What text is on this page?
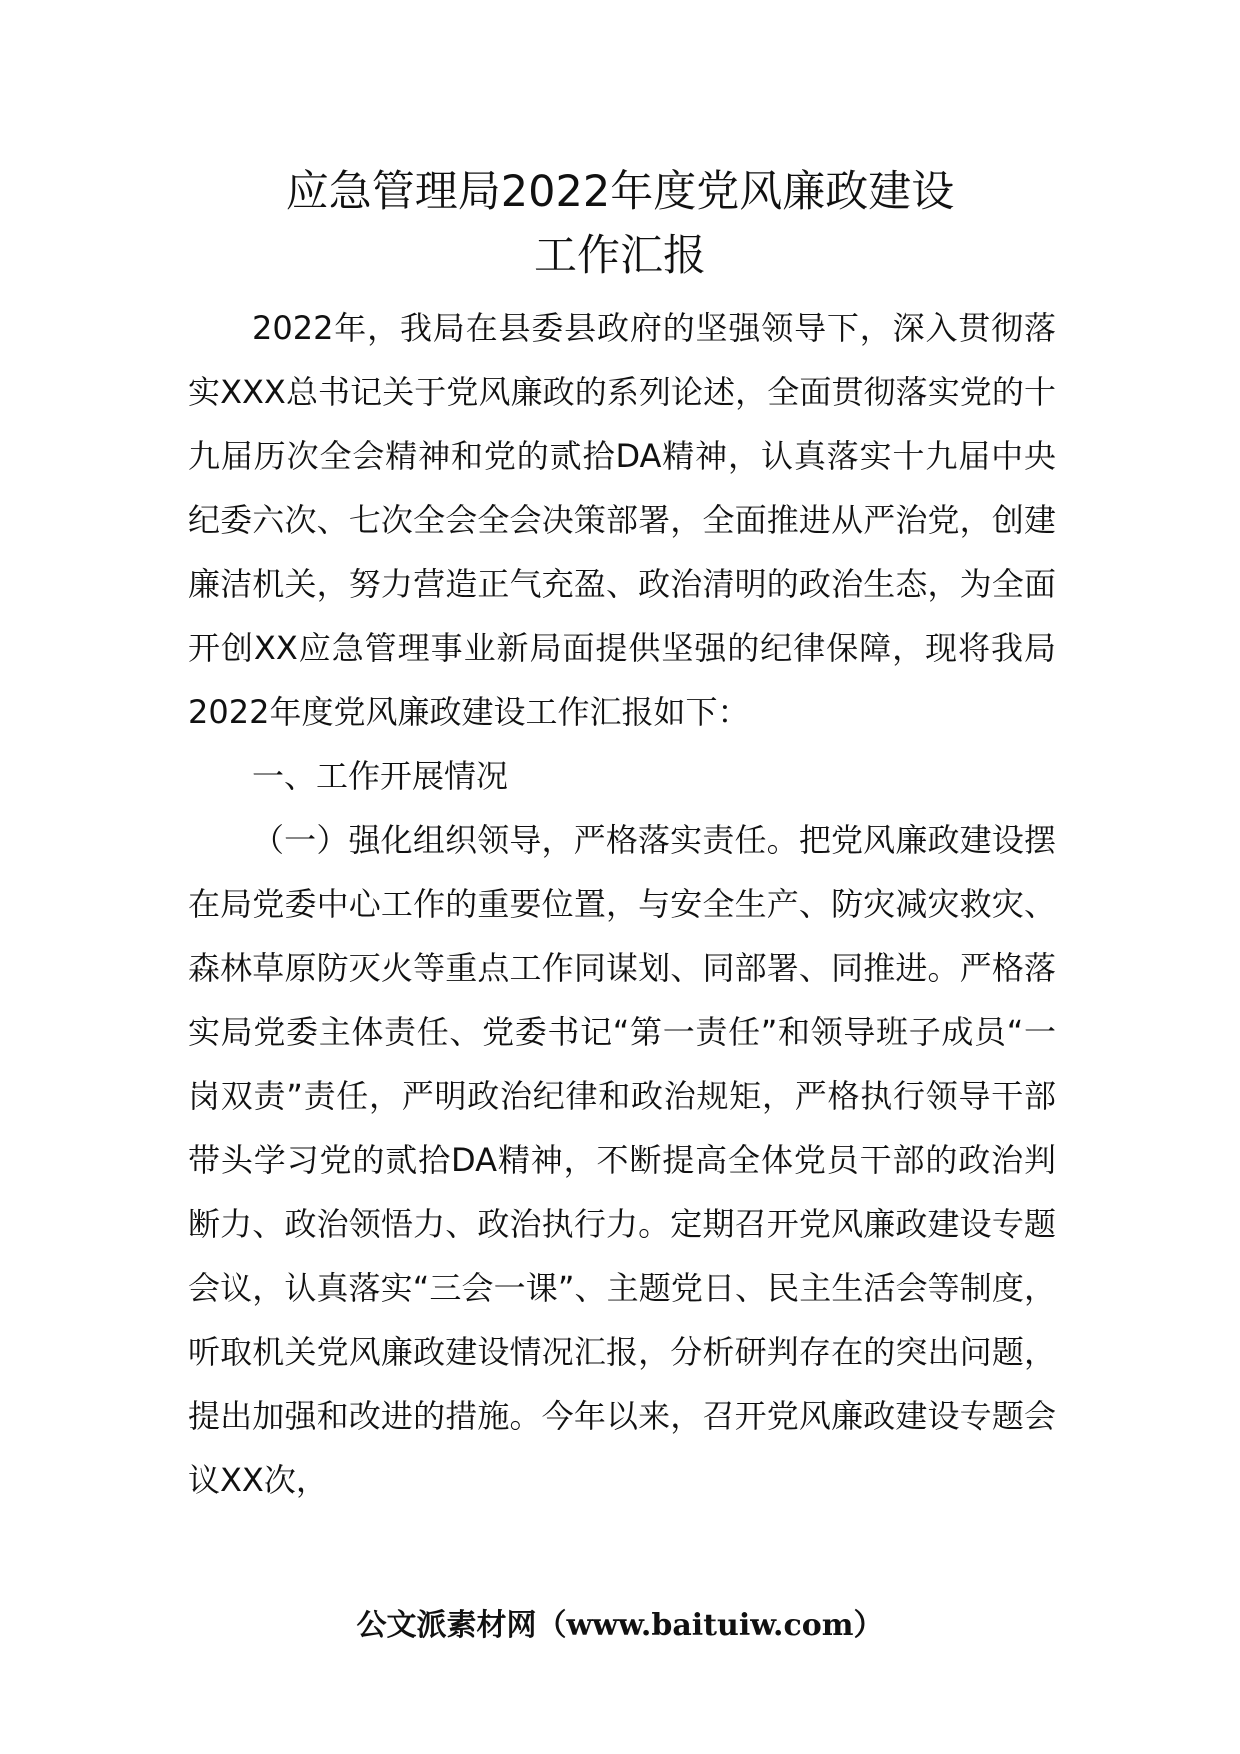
应急管理局2022年度党风廉政建设
工作汇报

2022年，我局在县委县政府的坚强领导下，深入贯彻落实XXX总书记关于党风廉政的系列论述，全面贯彻落实党的十九届历次全会精神和党的贰拾DA精神，认真落实十九届中央纪委六次、七次全会全会决策部署，全面推进从严治党，创建廉洁机关，努力营造正气充盈、政治清明的政治生态，为全面开创XX应急管理事业新局面提供坚强的纪律保障，现将我局2022年度党风廉政建设工作汇报如下：

一、工作开展情况

（一）强化组织领导，严格落实责任。把党风廉政建设摆在局党委中心工作的重要位置，与安全生产、防灾减灾救灾、森林草原防灭火等重点工作同谋划、同部署、同推进。严格落实局党委主体责任、党委书记“第一责任”和领导班子成员“一岗双责”责任，严明政治纪律和政治规矩，严格执行领导干部带头学习党的贰拾DA精神，不断提高全体党员干部的政治判断力、政治领悟力、政治执行力。定期召开党风廉政建设专题会议，认真落实“三会一课”、主题党日、民主生活会等制度，听取机关党风廉政建设情况汇报，分析研判存在的突出问题，提出加强和改进的措施。今年以来，召开党风廉政建设专题会议XX次，

公文派素材网（www.baituiw.com）
